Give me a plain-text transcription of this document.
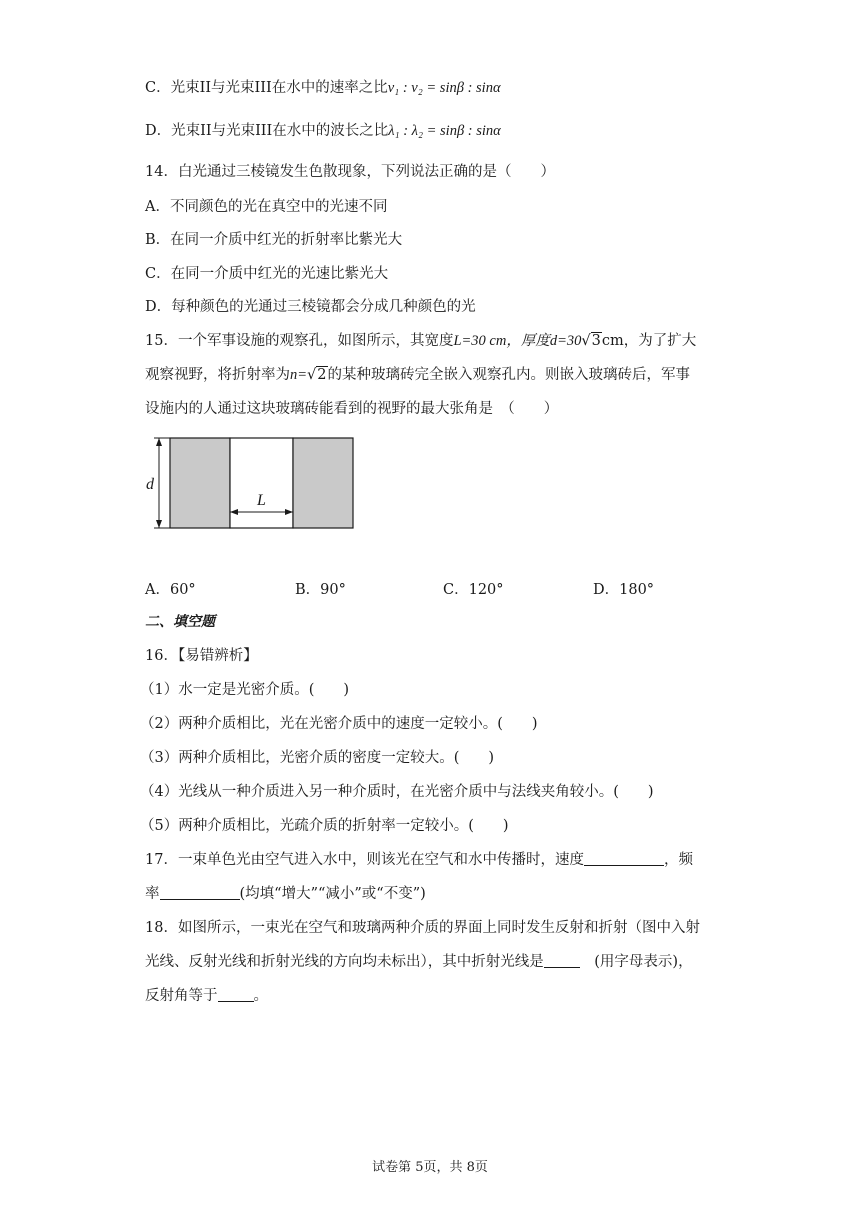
C．光束II与光束III在水中的速率之比v₁ : v₂ = sinβ : sinα
D．光束II与光束III在水中的波长之比λ₁ : λ₂ = sinβ : sinα
14．白光通过三棱镜发生色散现象，下列说法正确的是（　　）
A．不同颜色的光在真空中的光速不同
B．在同一介质中红光的折射率比紫光大
C．在同一介质中红光的光速比紫光大
D．每种颜色的光通过三棱镜都会分成几种颜色的光
15．一个军事设施的观察孔，如图所示，其宽度L=30 cm，厚度d=30√3cm，为了扩大
观察视野，将折射率为n=√2的某种玻璃砖完全嵌入观察孔内。则嵌入玻璃砖后，军事
设施内的人通过这块玻璃砖能看到的视野的最大张角是　（　　）
d
L
A．60°	B．90°	C．120°	D．180°
二、填空题
16．【易错辨析】
（1）水一定是光密介质。(　　)
（2）两种介质相比，光在光密介质中的速度一定较小。(　　)
（3）两种介质相比，光密介质的密度一定较大。(　　)
（4）光线从一种介质进入另一种介质时，在光密介质中与法线夹角较小。(　　)
（5）两种介质相比，光疏介质的折射率一定较小。(　　)
17．一束单色光由空气进入水中，则该光在空气和水中传播时，速度	，频
率	(均填“增大”“减小”或“不变”)
18．如图所示，一束光在空气和玻璃两种介质的界面上同时发生反射和折射（图中入射
光线、反射光线和折射光线的方向均未标出），其中折射光线是　(用字母表示)，
反射角等于 。
试卷第 5页，共 8页
